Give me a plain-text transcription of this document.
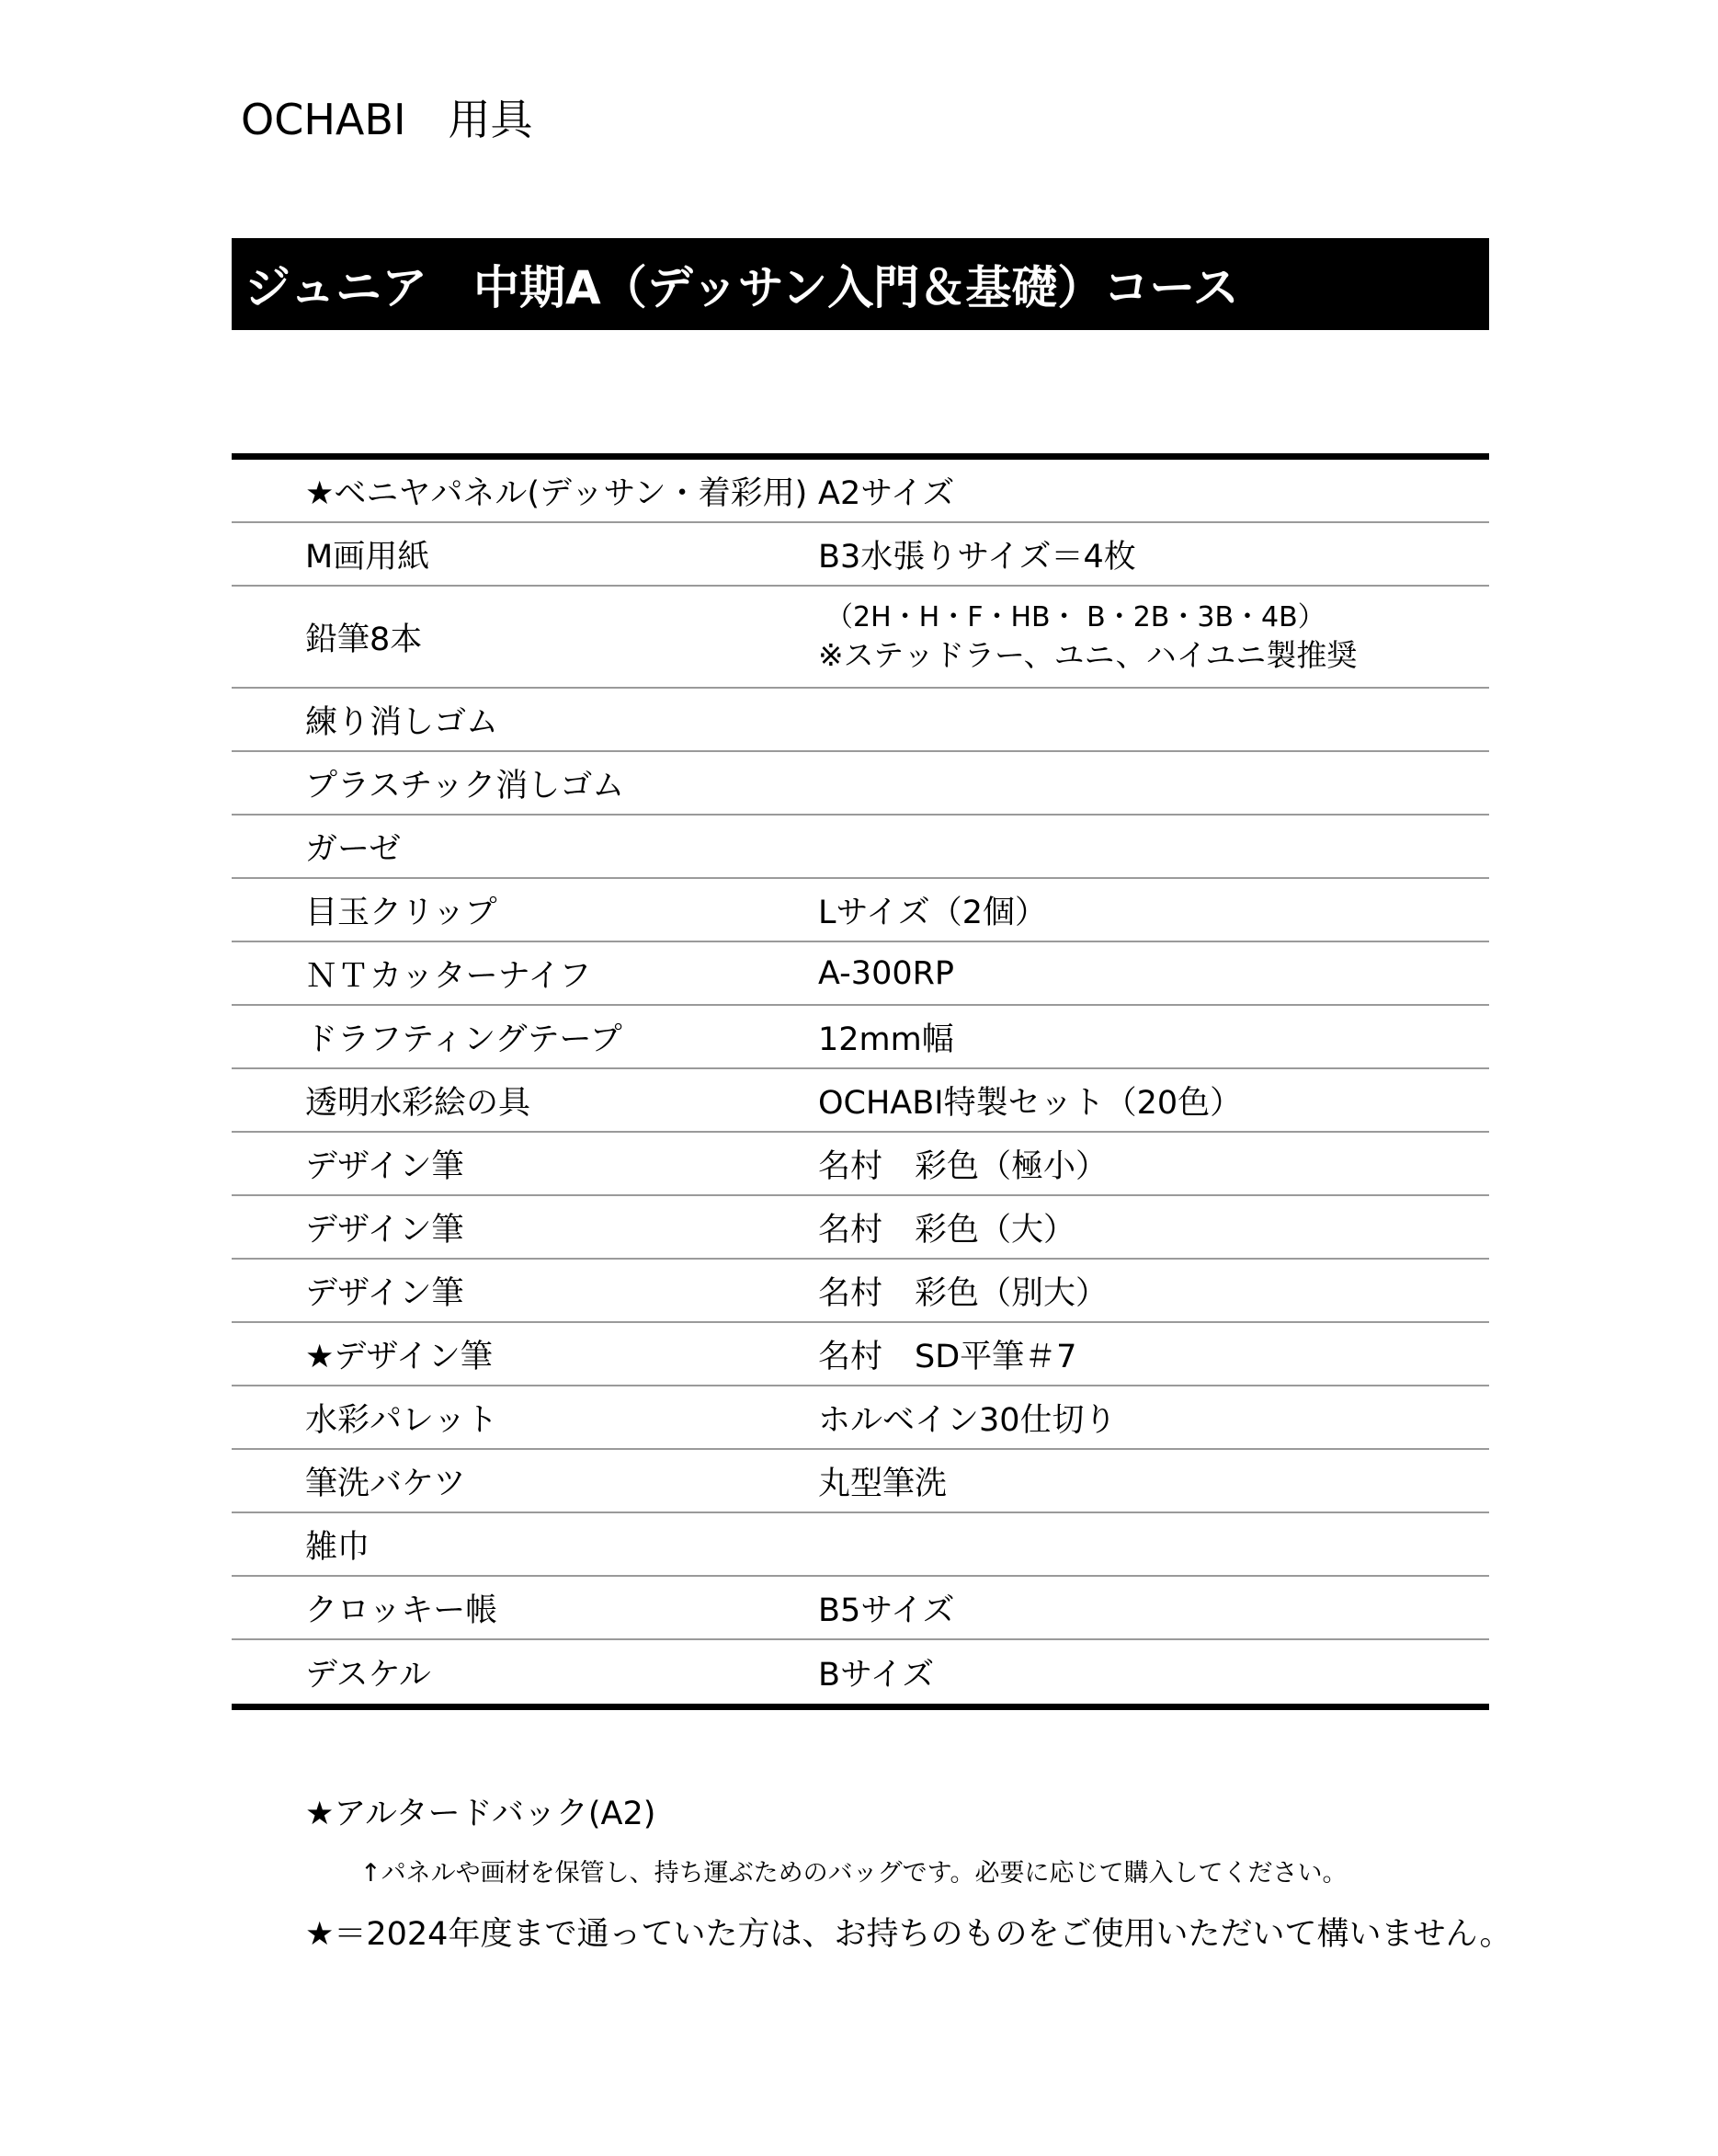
OCHABI　用具
ジュニア　中期A（デッサン入門＆基礎）コース
★ベニヤパネル(デッサン・着彩用) A2サイズ
M画用紙	B3水張りサイズ＝4枚
鉛筆8本
（2H・H・F・HB・ B・2B・3B・4B）
※ステッドラー、ユニ、ハイユニ製推奨
練り消しゴム
プラスチック消しゴム
ガーゼ
目玉クリップ	Lサイズ（2個）
ＮＴカッターナイフ	A-300RP
ドラフティングテープ	12mm幅
透明水彩絵の具	OCHABI特製セット（20色）
デザイン筆	名村　彩色（極小）
デザイン筆	名村　彩色（大）
デザイン筆	名村　彩色（別大）
★デザイン筆	名村　SD平筆＃7
水彩パレット	ホルベイン30仕切り
筆洗バケツ	丸型筆洗
雑巾
クロッキー帳	B5サイズ
デスケル	Bサイズ
★アルタードバック(A2)
↑パネルや画材を保管し、持ち運ぶためのバッグです。必要に応じて購入してください。
★＝2024年度まで通っていた方は、お持ちのものをご使用いただいて構いません。
